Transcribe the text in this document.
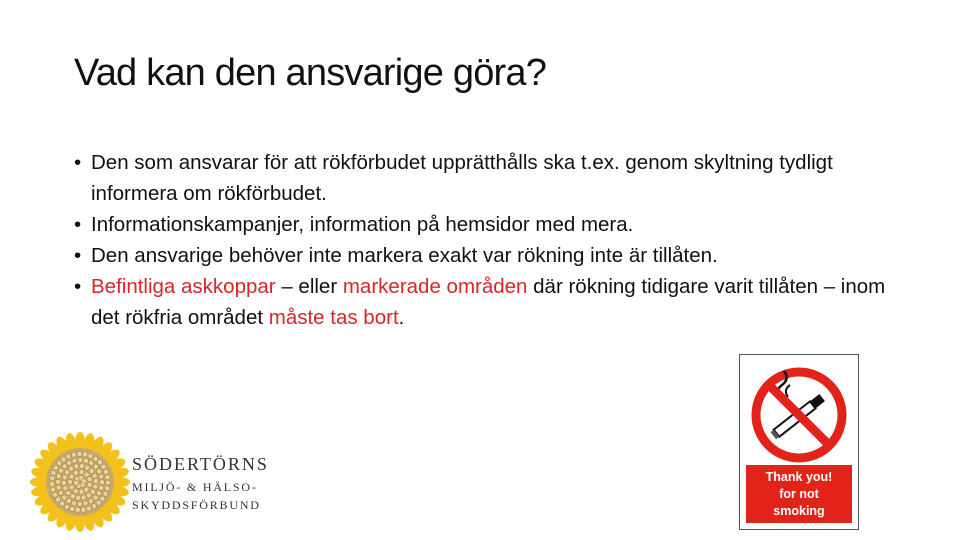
Vad kan den ansvarige göra?
• Den som ansvarar för att rökförbudet upprätthålls ska t.ex. genom skyltning tydligt informera om rökförbudet.
• Informationskampanjer, information på hemsidor med mera.
• Den ansvarige behöver inte markera exakt var rökning inte är tillåten.
• Befintliga askkoppar – eller markerade områden där rökning tidigare varit tillåten – inom det rökfria området måste tas bort.
SÖDERTÖRNS
MILJÖ- & HÄLSO-
SKYDDSFÖRBUND
Thank you!
for not
smoking
